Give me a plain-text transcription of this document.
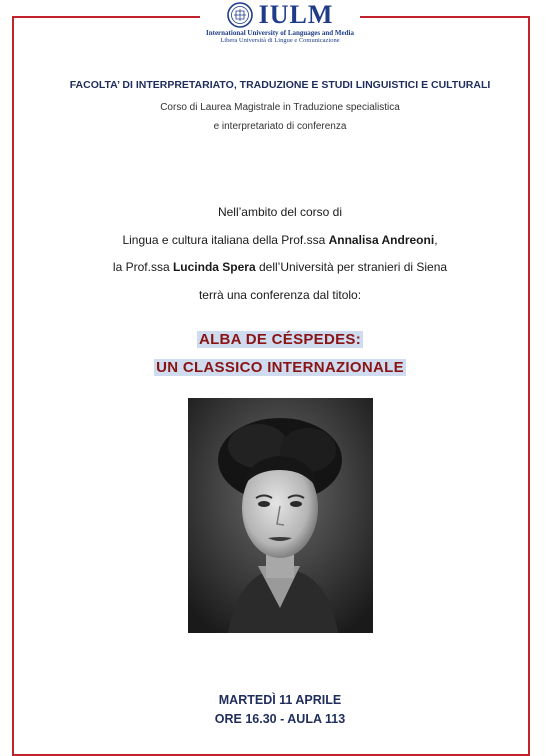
IULM
International University of Languages and Media
Libera Università di Lingue e Comunicazione
FACOLTA’ DI INTERPRETARIATO, TRADUZIONE E STUDI LINGUISTICI E CULTURALI
Corso di Laurea Magistrale in Traduzione specialistica
e interpretariato di conferenza
Nell’ambito del corso di
Lingua e cultura italiana della Prof.ssa Annalisa Andreoni,
la Prof.ssa Lucinda Spera dell’Università per stranieri di Siena
terrà una conferenza dal titolo:
ALBA DE CÉSPEDES:
UN CLASSICO INTERNAZIONALE
MARTEDÌ 11 APRILE
ORE 16.30 - AULA 113
